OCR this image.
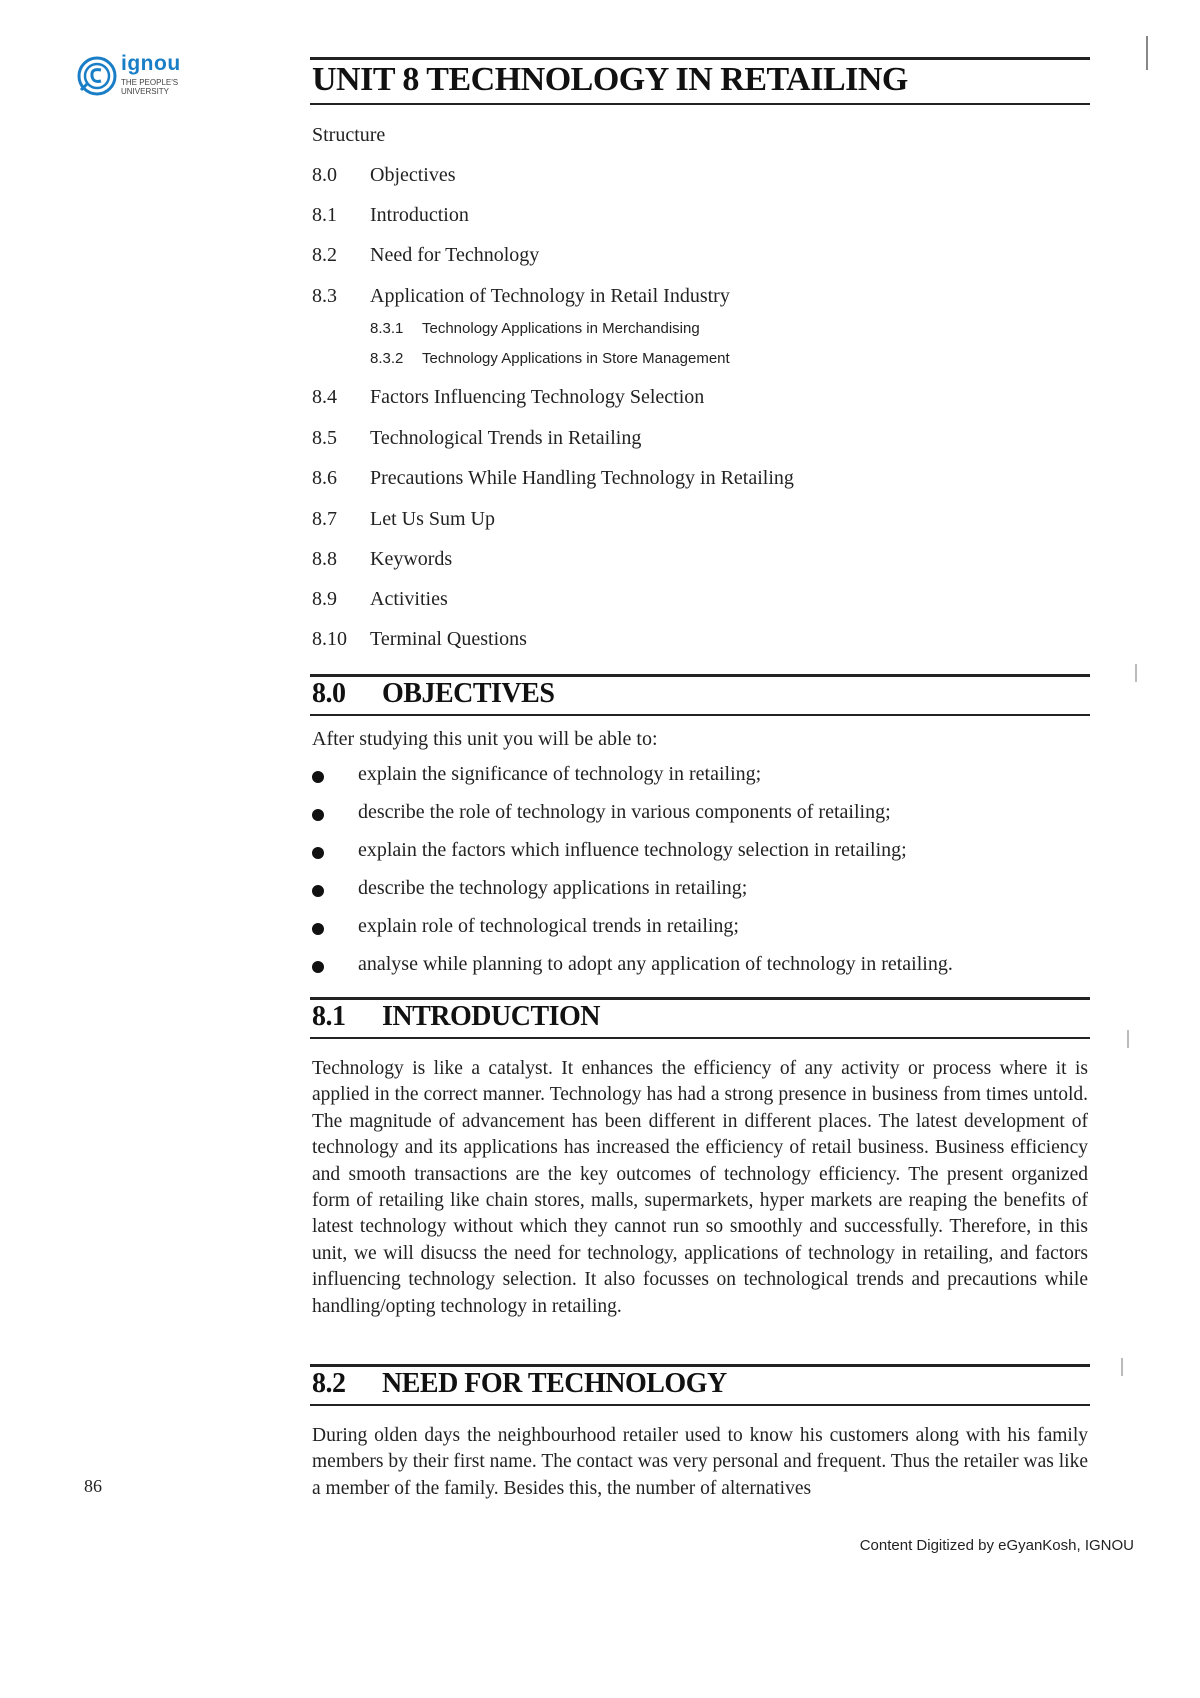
ignou
THE PEOPLE'S
UNIVERSITY	UNIT 8 TECHNOLOGY IN RETAILING
Structure
8.0 Objectives
8.1 Introduction
8.2 Need for Technology
8.3 Application of Technology in Retail Industry
8.3.1 Technology Applications in Merchandising
8.3.2 Technology Applications in Store Management
8.4 Factors Influencing Technology Selection
8.5 Technological Trends in Retailing
8.6 Precautions While Handling Technology in Retailing
8.7 Let Us Sum Up
8.8 Keywords
8.9 Activities
8.10 Terminal Questions
8.0 OBJECTIVES
After studying this unit you will be able to:
explain the significance of technology in retailing;
describe the role of technology in various components of retailing;
explain the factors which influence technology selection in retailing;
describe the technology applications in retailing;
explain role of technological trends in retailing;
analyse while planning to adopt any application of technology in retailing.
8.1 INTRODUCTION
Technology is like a catalyst. It enhances the efficiency of any activity or process where it is applied in the correct manner. Technology has had a strong presence in business from times untold. The magnitude of advancement has been different in different places. The latest development of technology and its applications has increased the efficiency of retail business. Business efficiency and smooth transactions are the key outcomes of technology efficiency. The present organized form of retailing like chain stores, malls, supermarkets, hyper markets are reaping the benefits of latest technology without which they cannot run so smoothly and successfully. Therefore, in this unit, we will disucss the need for technology, applications of technology in retailing, and factors influencing technology selection. It also focusses on technological trends and precautions while handling/opting technology in retailing.
8.2 NEED FOR TECHNOLOGY
During olden days the neighbourhood retailer used to know his customers along with his family members by their first name. The contact was very personal and frequent. Thus the retailer was like a member of the family. Besides this, the number of alternatives
86
Content Digitized by eGyanKosh, IGNOU
